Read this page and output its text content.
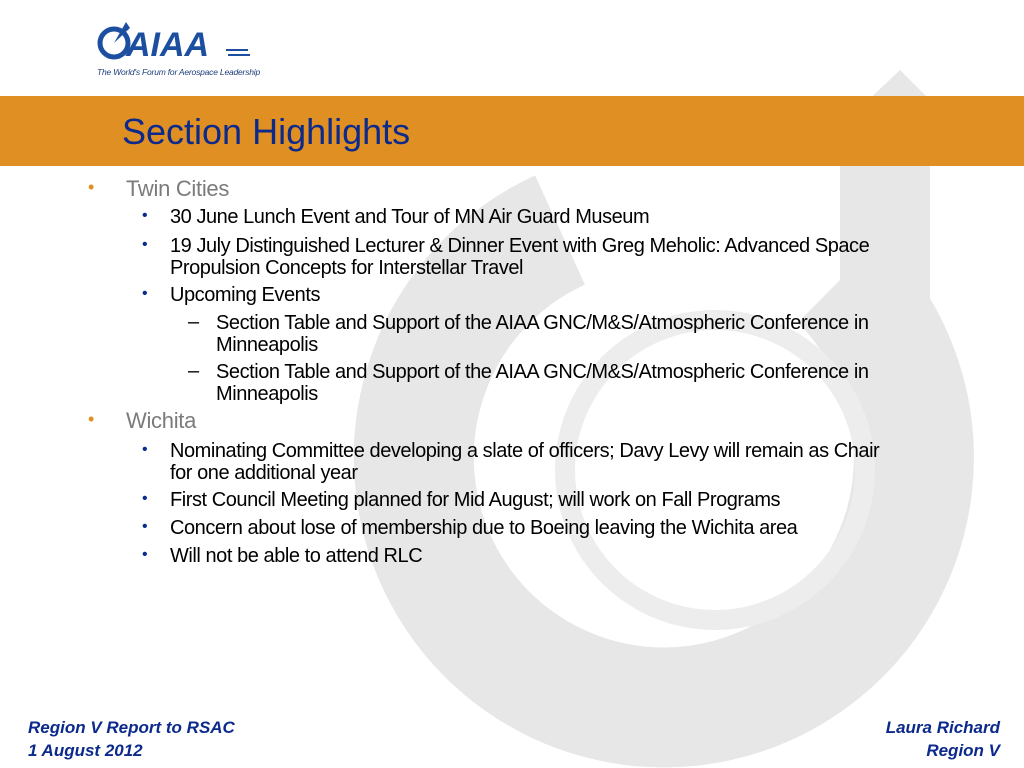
AIAA
The World's Forum for Aerospace Leadership
Section Highlights
• Twin Cities
• 30 June Lunch Event and Tour of MN Air Guard Museum
• 19 July Distinguished Lecturer & Dinner Event with Greg Meholic: Advanced Space
Propulsion Concepts for Interstellar Travel
• Upcoming Events
– Section Table and Support of the AIAA GNC/M&S/Atmospheric Conference in
Minneapolis
– Section Table and Support of the AIAA GNC/M&S/Atmospheric Conference in
Minneapolis
• Wichita
• Nominating Committee developing a slate of officers; Davy Levy will remain as Chair
for one additional year
• First Council Meeting planned for Mid August; will work on Fall Programs
• Concern about lose of membership due to Boeing leaving the Wichita area
• Will not be able to attend RLC
Region V Report to RSAC
1 August 2012
Laura Richard
Region V
